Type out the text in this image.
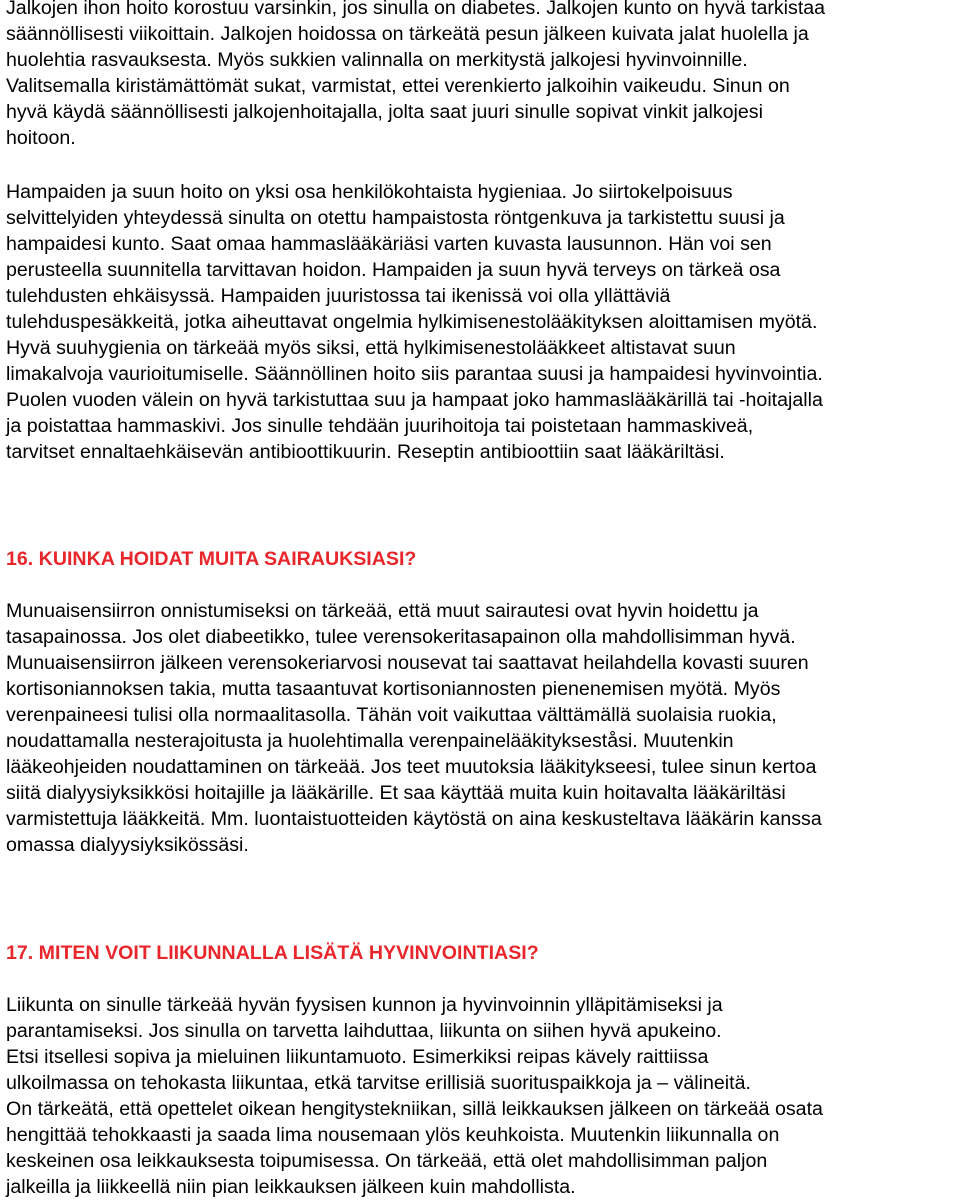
Jalkojen ihon hoito korostuu varsinkin, jos sinulla on diabetes. Jalkojen kunto on hyvä tarkistaa
säännöllisesti viikoittain. Jalkojen hoidossa on tärkeätä pesun jälkeen kuivata jalat huolella ja
huolehtia rasvauksesta. Myös sukkien valinnalla on merkitystä jalkojesi hyvinvoinnille.
Valitsemalla kiristämättömät sukat, varmistat, ettei verenkierto jalkoihin vaikeudu. Sinun on
hyvä käydä säännöllisesti jalkojenhoitajalla, jolta saat juuri sinulle sopivat vinkit jalkojesi
hoitoon.

Hampaiden ja suun hoito on yksi osa henkilökohtaista hygieniaa. Jo siirtokelpoisuus
selvittelyiden yhteydessä sinulta on otettu hampaistosta röntgenkuva ja tarkistettu suusi ja
hampaidesi kunto. Saat omaa hammaslääkäriäsi varten kuvasta lausunnon. Hän voi sen
perusteella suunnitella tarvittavan hoidon. Hampaiden ja suun hyvä terveys on tärkeä osa
tulehdusten ehkäisyssä. Hampaiden juuristossa tai ikenissä voi olla yllättäviä
tulehduspesäkkeitä, jotka aiheuttavat ongelmia hylkimisenestolääkityksen aloittamisen myötä.
Hyvä suuhygienia on tärkeää myös siksi, että hylkimisenestolääkkeet altistavat suun
limakalvoja vaurioitumiselle. Säännöllinen hoito siis parantaa suusi ja hampaidesi hyvinvointia.
Puolen vuoden välein on hyvä tarkistuttaa suu ja hampaat joko hammaslääkärillä tai -hoitajalla
ja poistattaa hammaskivi. Jos sinulle tehdään juurihoitoja tai poistetaan hammaskiveä,
tarvitset ennaltaehkäisevän antibioottikuurin. Reseptin antibioottiin saat lääkäriltäsi.

16. KUINKA HOIDAT MUITA SAIRAUKSIASI?

Munuaisensiirron onnistumiseksi on tärkeää, että muut sairautesi ovat hyvin hoidettu ja
tasapainossa. Jos olet diabeetikko, tulee verensokeritasapainon olla mahdollisimman hyvä.
Munuaisensiirron jälkeen verensokeriarvosi nousevat tai saattavat heilahdella kovasti suuren
kortisoniannoksen takia, mutta tasaantuvat kortisoniannosten pienenemisen myötä. Myös
verenpaineesi tulisi olla normaalitasolla. Tähän voit vaikuttaa välttämällä suolaisia ruokia,
noudattamalla nesterajoitusta ja huolehtimalla verenpainelääkitykseståsi. Muutenkin
lääkeohjeiden noudattaminen on tärkeää. Jos teet muutoksia lääkitykseesi, tulee sinun kertoa
siitä dialyysiyksikkösi hoitajille ja lääkärille. Et saa käyttää muita kuin hoitavalta lääkäriltäsi
varmistettuja lääkkeitä. Mm. luontaistuotteiden käytöstä on aina keskusteltava lääkärin kanssa
omassa dialyysiyksikössäsi.

17. MITEN VOIT LIIKUNNALLA LISÄTÄ HYVINVOINTIASI?

Liikunta on sinulle tärkeää hyvän fyysisen kunnon ja hyvinvoinnin ylläpitämiseksi ja
parantamiseksi. Jos sinulla on tarvetta laihduttaa, liikunta on siihen hyvä apukeino.
Etsi itsellesi sopiva ja mieluinen liikuntamuoto. Esimerkiksi reipas kävely raittiissa
ulkoilmassa on tehokasta liikuntaa, etkä tarvitse erillisiä suorituspaikkoja ja – välineitä.
On tärkeätä, että opettelet oikean hengitystekniikan, sillä leikkauksen jälkeen on tärkeää osata
hengittää tehokkaasti ja saada lima nousemaan ylös keuhkoista. Muutenkin liikunnalla on
keskeinen osa leikkauksesta toipumisessa. On tärkeää, että olet mahdollisimman paljon
jalkeilla ja liikkeellä niin pian leikkauksen jälkeen kuin mahdollista.
